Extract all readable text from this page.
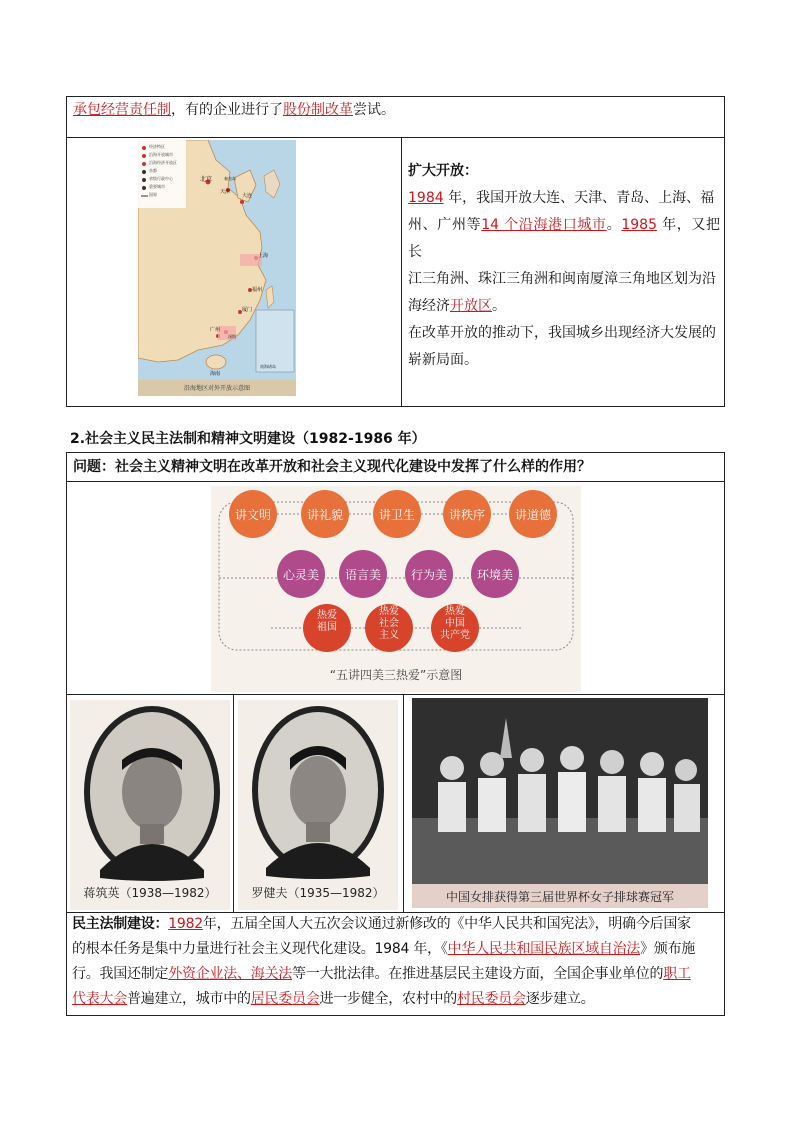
承包经营责任制，有的企业进行了股份制改革尝试。
经济特区
沿海开放城市
沿海经济开放区
首都
省级行政中心
重要城市
国界
北京
天津
秦皇岛
大连
上海
福州
厦门
广州
深圳
海南
南海诸岛
沿海地区对外开放示意图
扩大开放：
1984 年，我国开放大连、天津、青岛、上海、福
州、广州等14 个沿海港口城市。1985 年，又把长
江三角洲、珠江三角洲和闽南厦漳三角地区划为沿
海经济开放区。
在改革开放的推动下，我国城乡出现经济大发展的
崭新局面。
2.社会主义民主法制和精神文明建设（1982-1986 年）
问题：社会主义精神文明在改革开放和社会主义现代化建设中发挥了什么样的作用？
讲文明	讲礼貌	讲卫生	讲秩序	讲道德
心灵美	语言美	行为美	环境美
热爱
祖国
热爱
社会
主义
热爱
中国
共产党
“五讲四美三热爱”示意图
蒋筑英（1938—1982）	罗健夫（1935—1982）	中国女排获得第三届世界杯女子排球赛冠军
民主法制建设：1982年，五届全国人大五次会议通过新修改的《中华人民共和国宪法》，明确今后国家
的根本任务是集中力量进行社会主义现代化建设。1984 年，《中华人民共和国民族区域自治法》颁布施
行。我国还制定外资企业法、海关法等一大批法律。在推进基层民主建设方面，全国企事业单位的职工
代表大会普遍建立，城市中的居民委员会进一步健全，农村中的村民委员会逐步建立。
